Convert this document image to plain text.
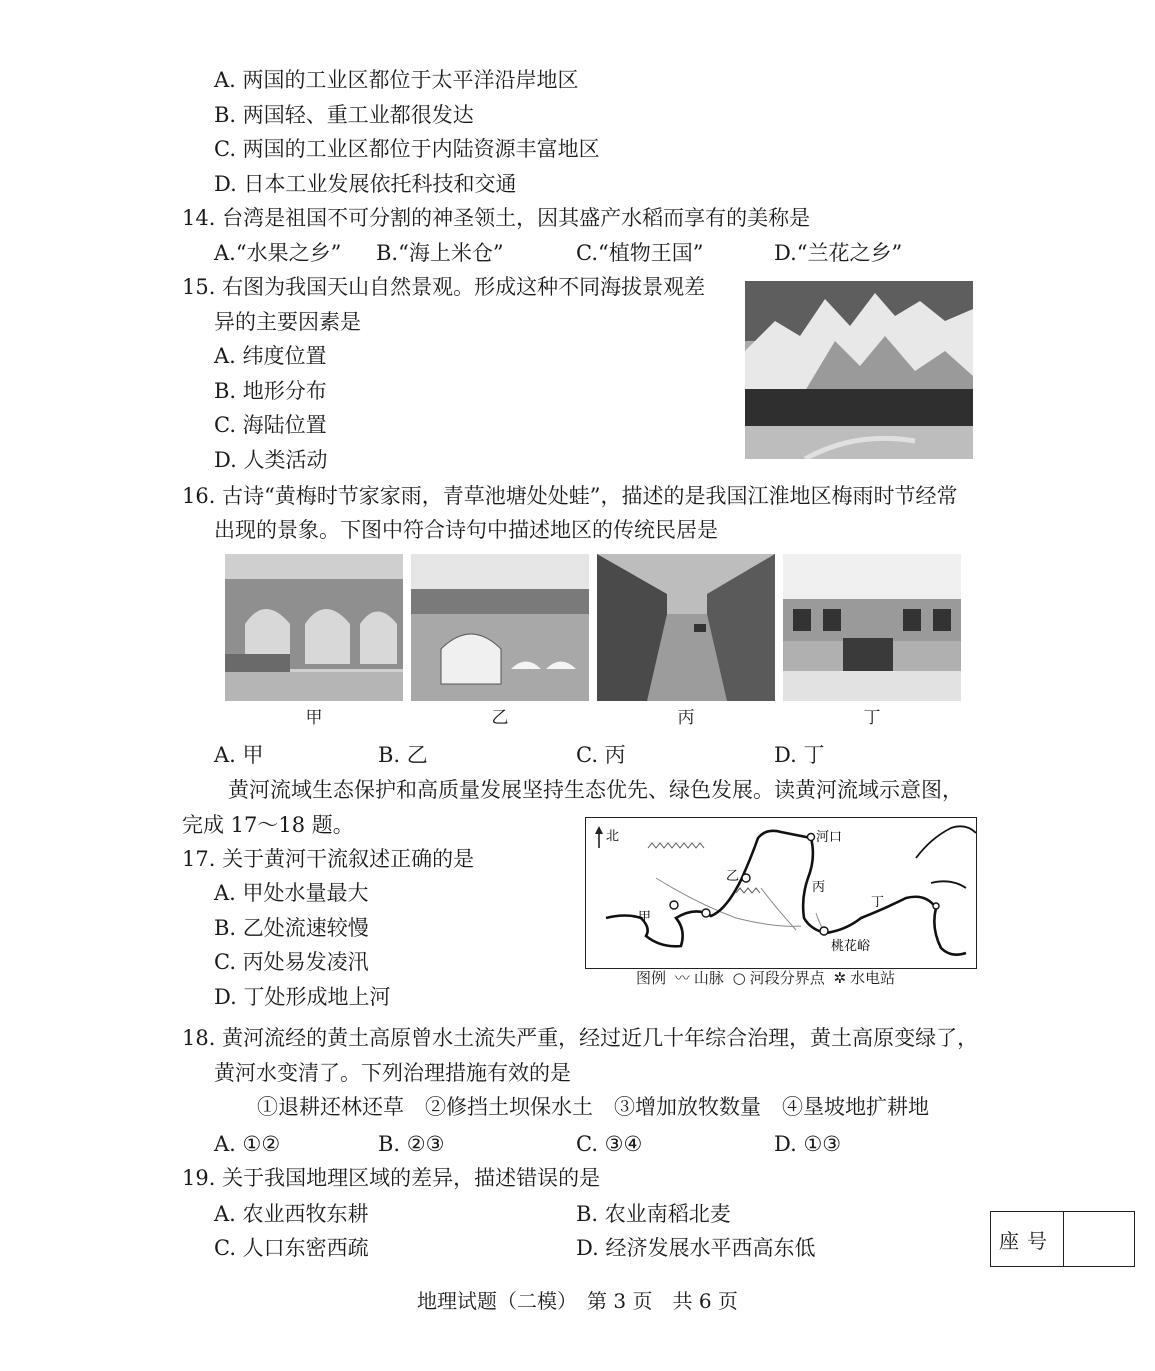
A. 两国的工业区都位于太平洋沿岸地区
B. 两国轻、重工业都很发达
C. 两国的工业区都位于内陆资源丰富地区
D. 日本工业发展依托科技和交通
14. 台湾是祖国不可分割的神圣领土，因其盛产水稻而享有的美称是
A.“水果之乡” B.“海上米仓”	C.“植物王国”	D.“兰花之乡”
15. 右图为我国天山自然景观。形成这种不同海拔景观差
异的主要因素是
A. 纬度位置
B. 地形分布
C. 海陆位置
D. 人类活动
16. 古诗“黄梅时节家家雨，青草池塘处处蛙”，描述的是我国江淮地区梅雨时节经常
出现的景象。下图中符合诗句中描述地区的传统民居是
甲	乙	丙	丁
A. 甲	B. 乙	C. 丙	D. 丁
黄河流域生态保护和高质量发展坚持生态优先、绿色发展。读黄河流域示意图，
完成 17～18 题。	北	河口
乙
甲
丙
丁
桃花峪
图例 〰 山脉 ○ 河段分界点 ✲ 水电站
17. 关于黄河干流叙述正确的是
A. 甲处水量最大
B. 乙处流速较慢
C. 丙处易发凌汛
D. 丁处形成地上河
18. 黄河流经的黄土高原曾水土流失严重，经过近几十年综合治理，黄土高原变绿了，
黄河水变清了。下列治理措施有效的是
①退耕还林还草　②修挡土坝保水土　③增加放牧数量　④垦坡地扩耕地
A. ①②	B. ②③	C. ③④	D. ①③
19. 关于我国地理区域的差异，描述错误的是
A. 农业西牧东耕	B. 农业南稻北麦
C. 人口东密西疏	D. 经济发展水平西高东低	座号
地理试题（二模）　第 3 页　共 6 页
